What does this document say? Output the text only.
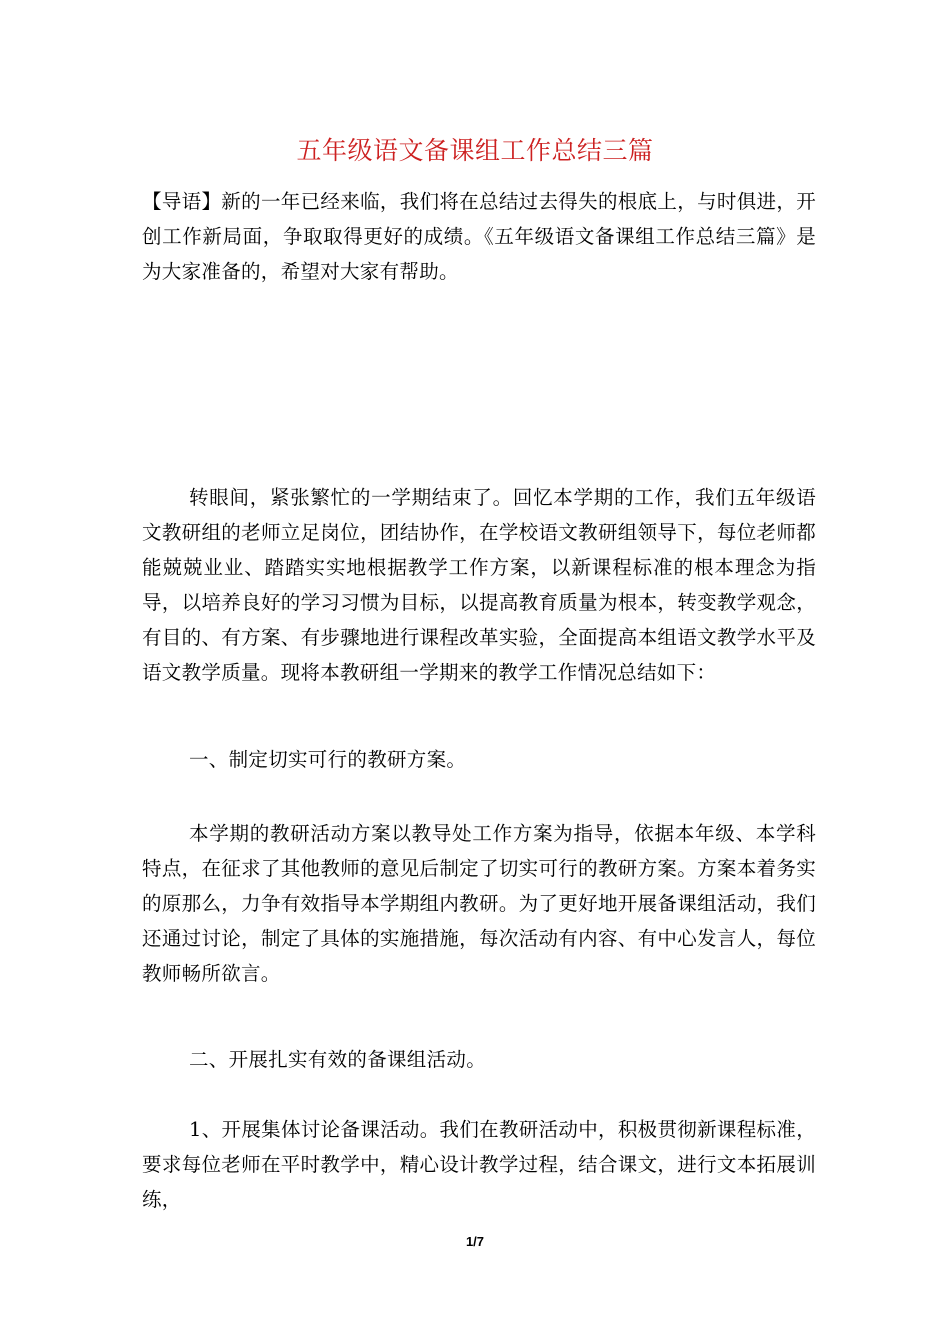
五年级语文备课组工作总结三篇
【导语】新的一年已经来临，我们将在总结过去得失的根底上，与时俱进，开创工作新局面，争取取得更好的成绩。《五年级语文备课组工作总结三篇》是为大家准备的，希望对大家有帮助。
转眼间，紧张繁忙的一学期结束了。回忆本学期的工作，我们五年级语文教研组的老师立足岗位，团结协作，在学校语文教研组领导下，每位老师都能兢兢业业、踏踏实实地根据教学工作方案，以新课程标准的根本理念为指导，以培养良好的学习习惯为目标，以提高教育质量为根本，转变教学观念，有目的、有方案、有步骤地进行课程改革实验，全面提高本组语文教学水平及语文教学质量。现将本教研组一学期来的教学工作情况总结如下：
一、制定切实可行的教研方案。
本学期的教研活动方案以教导处工作方案为指导，依据本年级、本学科特点，在征求了其他教师的意见后制定了切实可行的教研方案。方案本着务实的原那么，力争有效指导本学期组内教研。为了更好地开展备课组活动，我们还通过讨论，制定了具体的实施措施，每次活动有内容、有中心发言人，每位教师畅所欲言。
二、开展扎实有效的备课组活动。
1、开展集体讨论备课活动。我们在教研活动中，积极贯彻新课程标准，要求每位老师在平时教学中，精心设计教学过程，结合课文，进行文本拓展训练，
1/7
